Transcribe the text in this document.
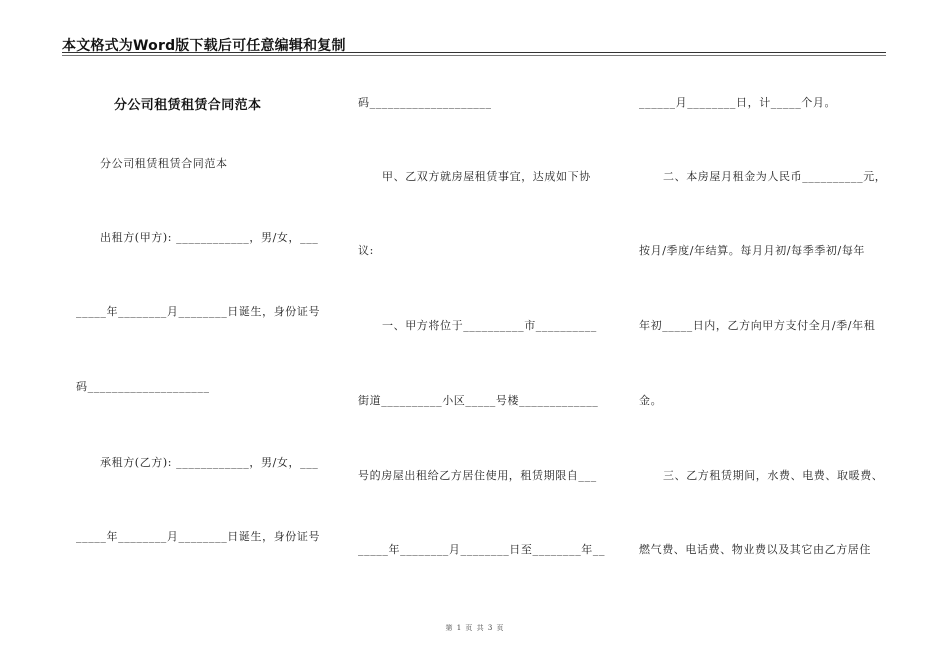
本文格式为Word版下载后可任意编辑和复制
分公司租赁租赁合同范本
分公司租赁租赁合同范本
出租方(甲方): ____________，男/女，___
_____年________月________日诞生，身份证号
码____________________
承租方(乙方): ____________，男/女，___
_____年________月________日诞生，身份证号
码____________________
甲、乙双方就房屋租赁事宜，达成如下协
议:
一、甲方将位于__________市__________
街道__________小区_____号楼_____________
号的房屋出租给乙方居住使用，租赁期限自___
_____年________月________日至________年__
______月________日，计_____个月。
二、本房屋月租金为人民币__________元，
按月/季度/年结算。每月月初/每季季初/每年
年初_____日内，乙方向甲方支付全月/季/年租
金。
三、乙方租赁期间，水费、电费、取暖费、
燃气费、电话费、物业费以及其它由乙方居住
第 1 页 共 3 页
